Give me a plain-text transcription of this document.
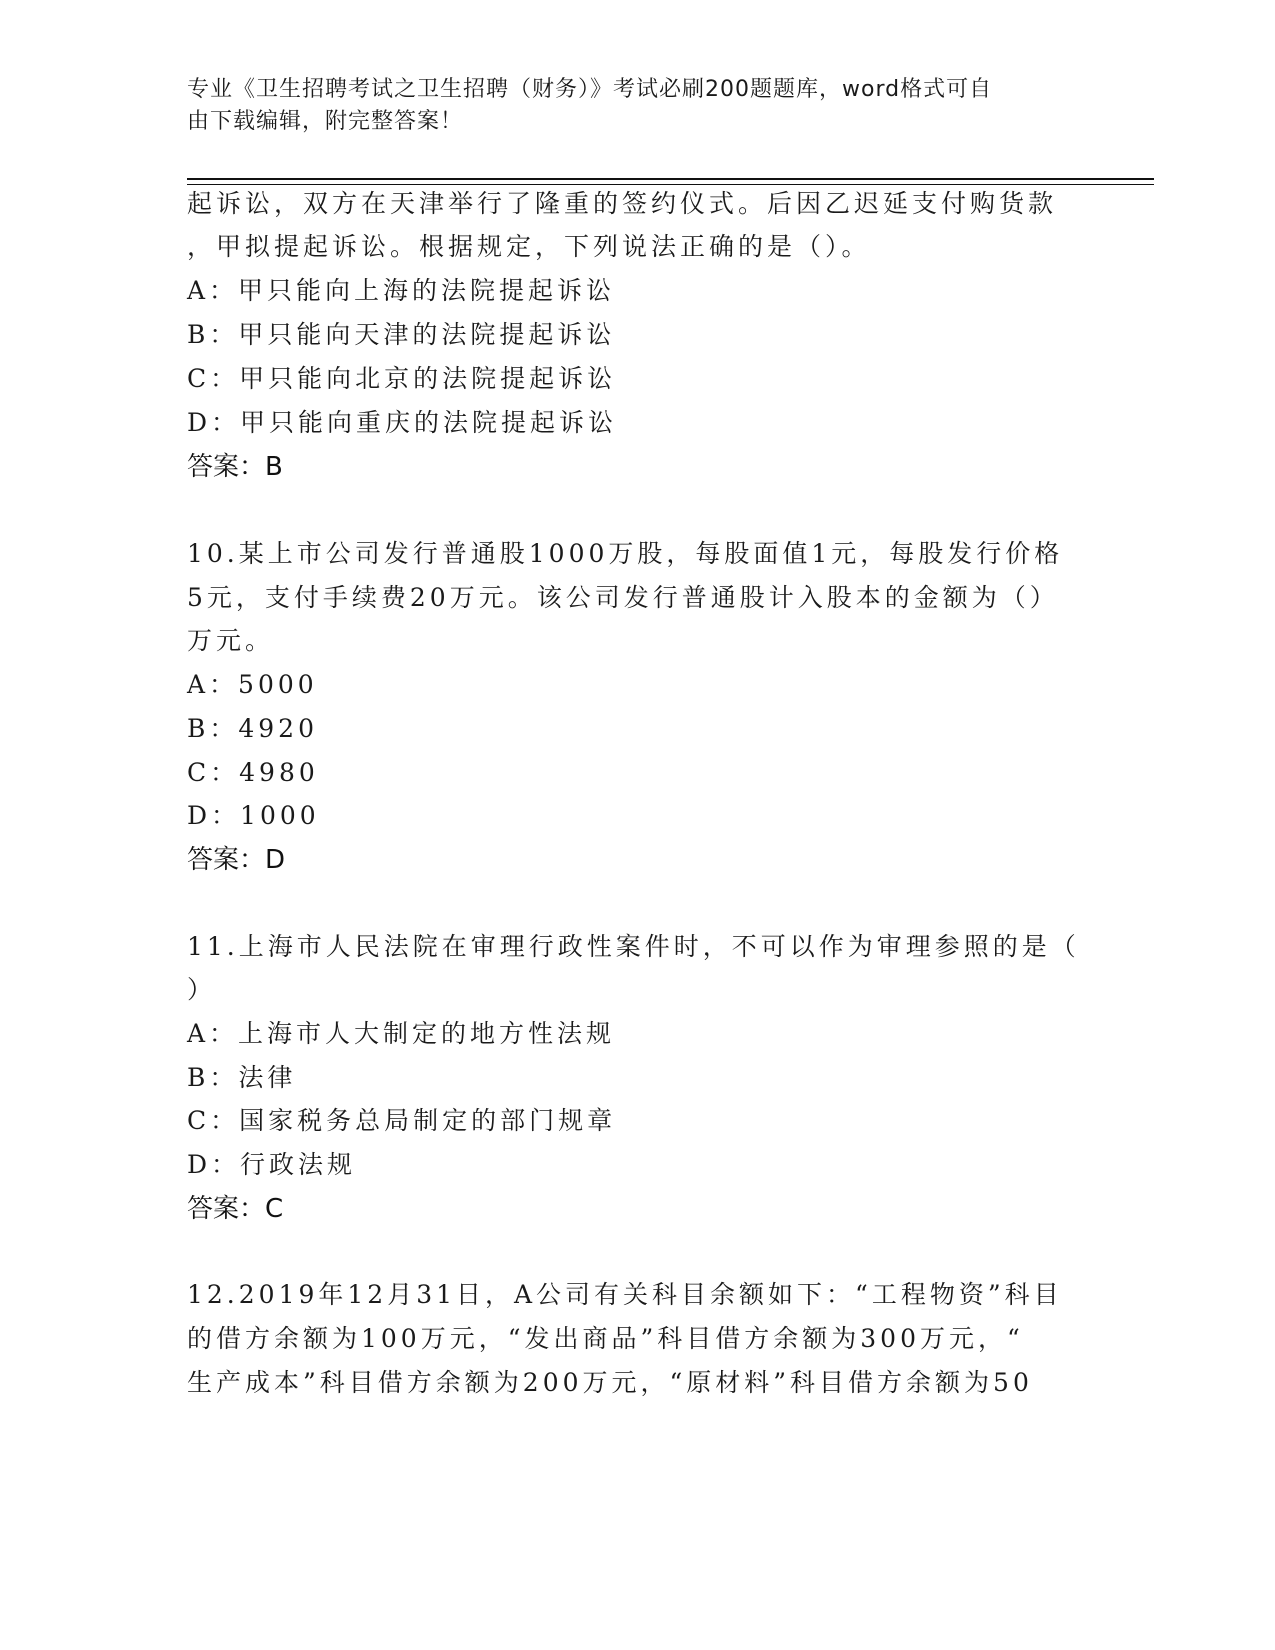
专业《卫生招聘考试之卫生招聘（财务）》考试必刷200题题库，word格式可自
由下载编辑，附完整答案！
起诉讼，双方在天津举行了隆重的签约仪式。后因乙迟延支付购货款
，甲拟提起诉讼。根据规定，下列说法正确的是（）。
A：甲只能向上海的法院提起诉讼
B：甲只能向天津的法院提起诉讼
C：甲只能向北京的法院提起诉讼
D：甲只能向重庆的法院提起诉讼
答案：B
10.某上市公司发行普通股1000万股，每股面值1元，每股发行价格
5元，支付手续费20万元。该公司发行普通股计入股本的金额为（）
万元。
A：5000
B：4920
C：4980
D：1000
答案：D
11.上海市人民法院在审理行政性案件时，不可以作为审理参照的是（
）
A：上海市人大制定的地方性法规
B：法律
C：国家税务总局制定的部门规章
D：行政法规
答案：C
12.2019年12月31日，A公司有关科目余额如下：“工程物资”科目
的借方余额为100万元，“发出商品”科目借方余额为300万元，“
生产成本”科目借方余额为200万元，“原材料”科目借方余额为50
